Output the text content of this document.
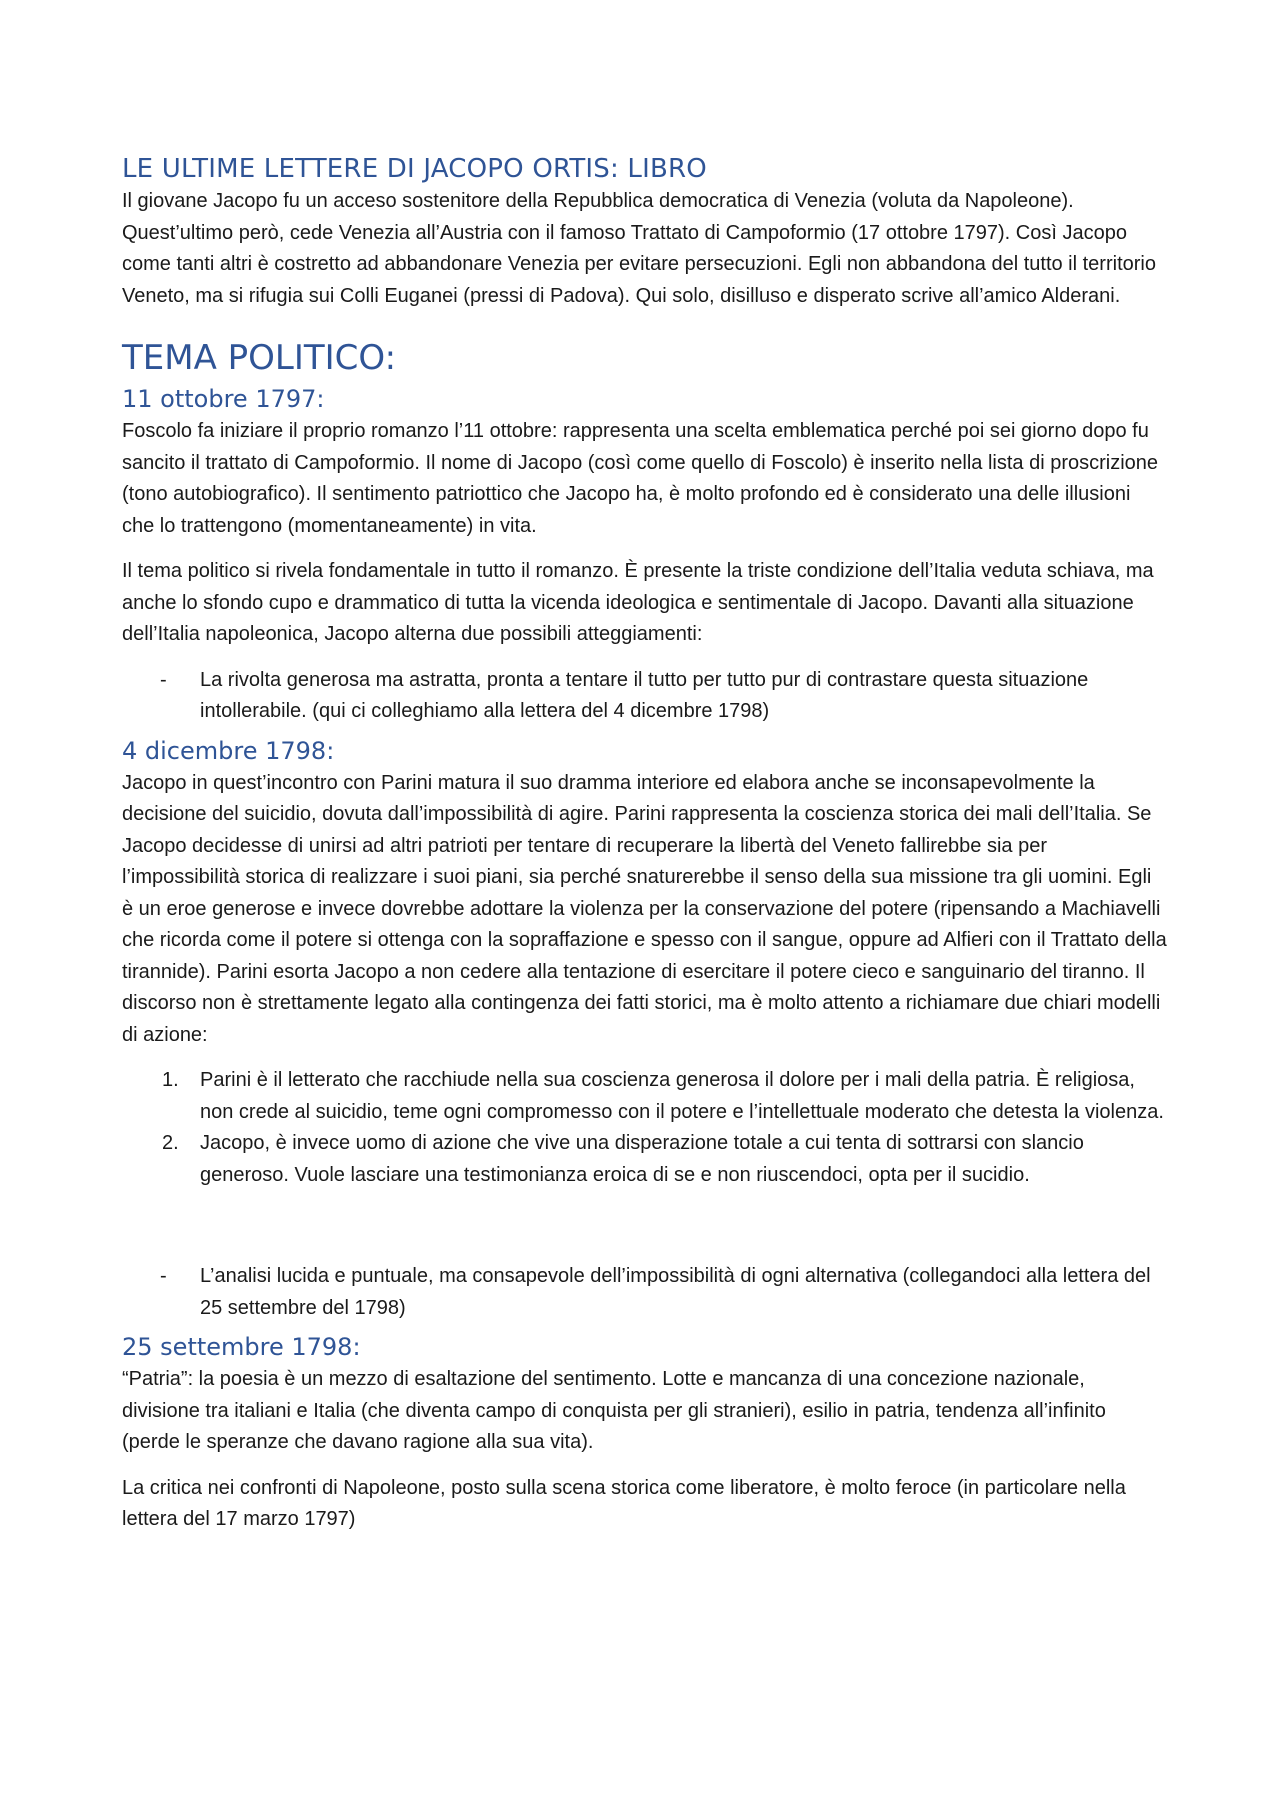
LE ULTIME LETTERE DI JACOPO ORTIS: LIBRO

Il giovane Jacopo fu un acceso sostenitore della Repubblica democratica di Venezia (voluta da Napoleone). Quest’ultimo però, cede Venezia all’Austria con il famoso Trattato di Campoformio (17 ottobre 1797). Così Jacopo come tanti altri è costretto ad abbandonare Venezia per evitare persecuzioni. Egli non abbandona del tutto il territorio Veneto, ma si rifugia sui Colli Euganei (pressi di Padova). Qui solo, disilluso e disperato scrive all’amico Alderani.

TEMA POLITICO:
11 ottobre 1797:

Foscolo fa iniziare il proprio romanzo l’11 ottobre: rappresenta una scelta emblematica perché poi sei giorno dopo fu sancito il trattato di Campoformio. Il nome di Jacopo (così come quello di Foscolo) è inserito nella lista di proscrizione (tono autobiografico). Il sentimento patriottico che Jacopo ha, è molto profondo ed è considerato una delle illusioni che lo trattengono (momentaneamente) in vita.

Il tema politico si rivela fondamentale in tutto il romanzo. È presente la triste condizione dell’Italia veduta schiava, ma anche lo sfondo cupo e drammatico di tutta la vicenda ideologica e sentimentale di Jacopo. Davanti alla situazione dell’Italia napoleonica, Jacopo alterna due possibili atteggiamenti:

- La rivolta generosa ma astratta, pronta a tentare il tutto per tutto pur di contrastare questa situazione intollerabile. (qui ci colleghiamo alla lettera del 4 dicembre 1798)
4 dicembre 1798:

Jacopo in quest’incontro con Parini matura il suo dramma interiore ed elabora anche se inconsapevolmente la decisione del suicidio, dovuta dall’impossibilità di agire. Parini rappresenta la coscienza storica dei mali dell’Italia. Se Jacopo decidesse di unirsi ad altri patrioti per tentare di recuperare la libertà del Veneto fallirebbe sia per l’impossibilità storica di realizzare i suoi piani, sia perché snaturerebbe il senso della sua missione tra gli uomini. Egli è un eroe generose e invece dovrebbe adottare la violenza per la conservazione del potere (ripensando a Machiavelli che ricorda come il potere si ottenga con la sopraffazione e spesso con il sangue, oppure ad Alfieri con il Trattato della tirannide). Parini esorta Jacopo a non cedere alla tentazione di esercitare il potere cieco e sanguinario del tiranno. Il discorso non è strettamente legato alla contingenza dei fatti storici, ma è molto attento a richiamare due chiari modelli di azione:

1. Parini è il letterato che racchiude nella sua coscienza generosa il dolore per i mali della patria. È religiosa, non crede al suicidio, teme ogni compromesso con il potere e l’intellettuale moderato che detesta la violenza.
2. Jacopo, è invece uomo di azione che vive una disperazione totale a cui tenta di sottrarsi con slancio generoso. Vuole lasciare una testimonianza eroica di se e non riuscendoci, opta per il sucidio.
- L’analisi lucida e puntuale, ma consapevole dell’impossibilità di ogni alternativa (collegandoci alla lettera del 25 settembre del 1798)
25 settembre 1798:

“Patria”: la poesia è un mezzo di esaltazione del sentimento. Lotte e mancanza di una concezione nazionale, divisione tra italiani e Italia (che diventa campo di conquista per gli stranieri), esilio in patria, tendenza all’infinito (perde le speranze che davano ragione alla sua vita).

La critica nei confronti di Napoleone, posto sulla scena storica come liberatore, è molto feroce (in particolare nella lettera del 17 marzo 1797)
